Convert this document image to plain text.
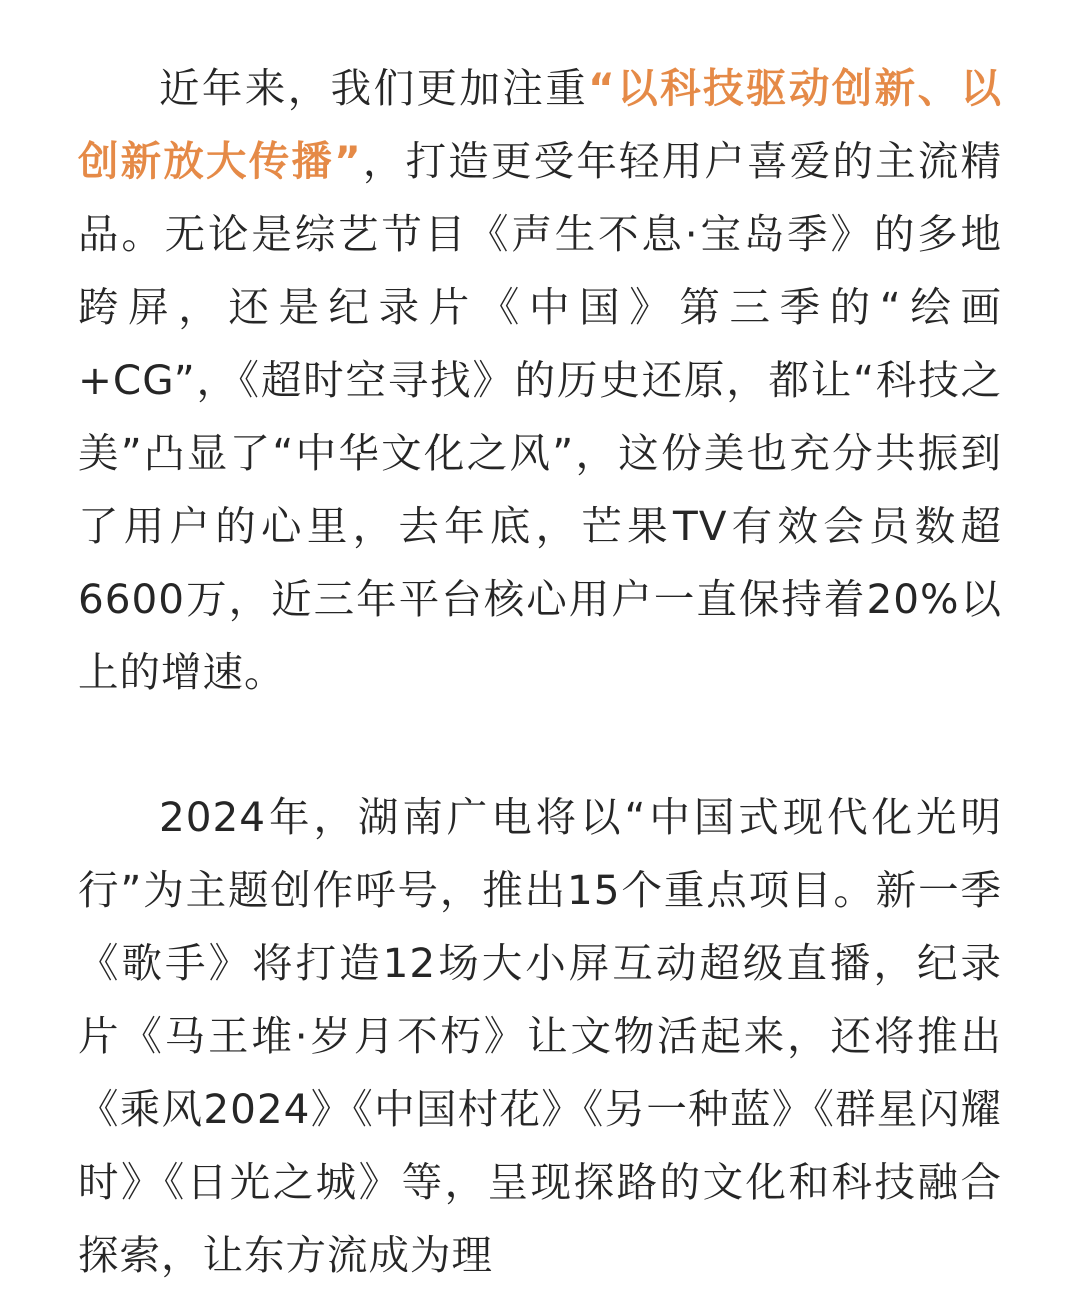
近年来，我们更加注重“以科技驱动创新、以创新放大传播”，打造更受年轻用户喜爱的主流精品。无论是综艺节目《声生不息·宝岛季》的多地跨屏，还是纪录片《中国》第三季的“绘画+CG”，《超时空寻找》的历史还原，都让“科技之美”凸显了“中华文化之风”，这份美也充分共振到了用户的心里，去年底，芒果TV有效会员数超6600万，近三年平台核心用户一直保持着20%以上的增速。

2024年，湖南广电将以“中国式现代化光明行”为主题创作呼号，推出15个重点项目。新一季《歌手》将打造12场大小屏互动超级直播，纪录片《马王堆·岁月不朽》让文物活起来，还将推出《乘风2024》《中国村花》《另一种蓝》《群星闪耀时》《日光之城》等，呈现探路的文化和科技融合探索，让东方流成为理
